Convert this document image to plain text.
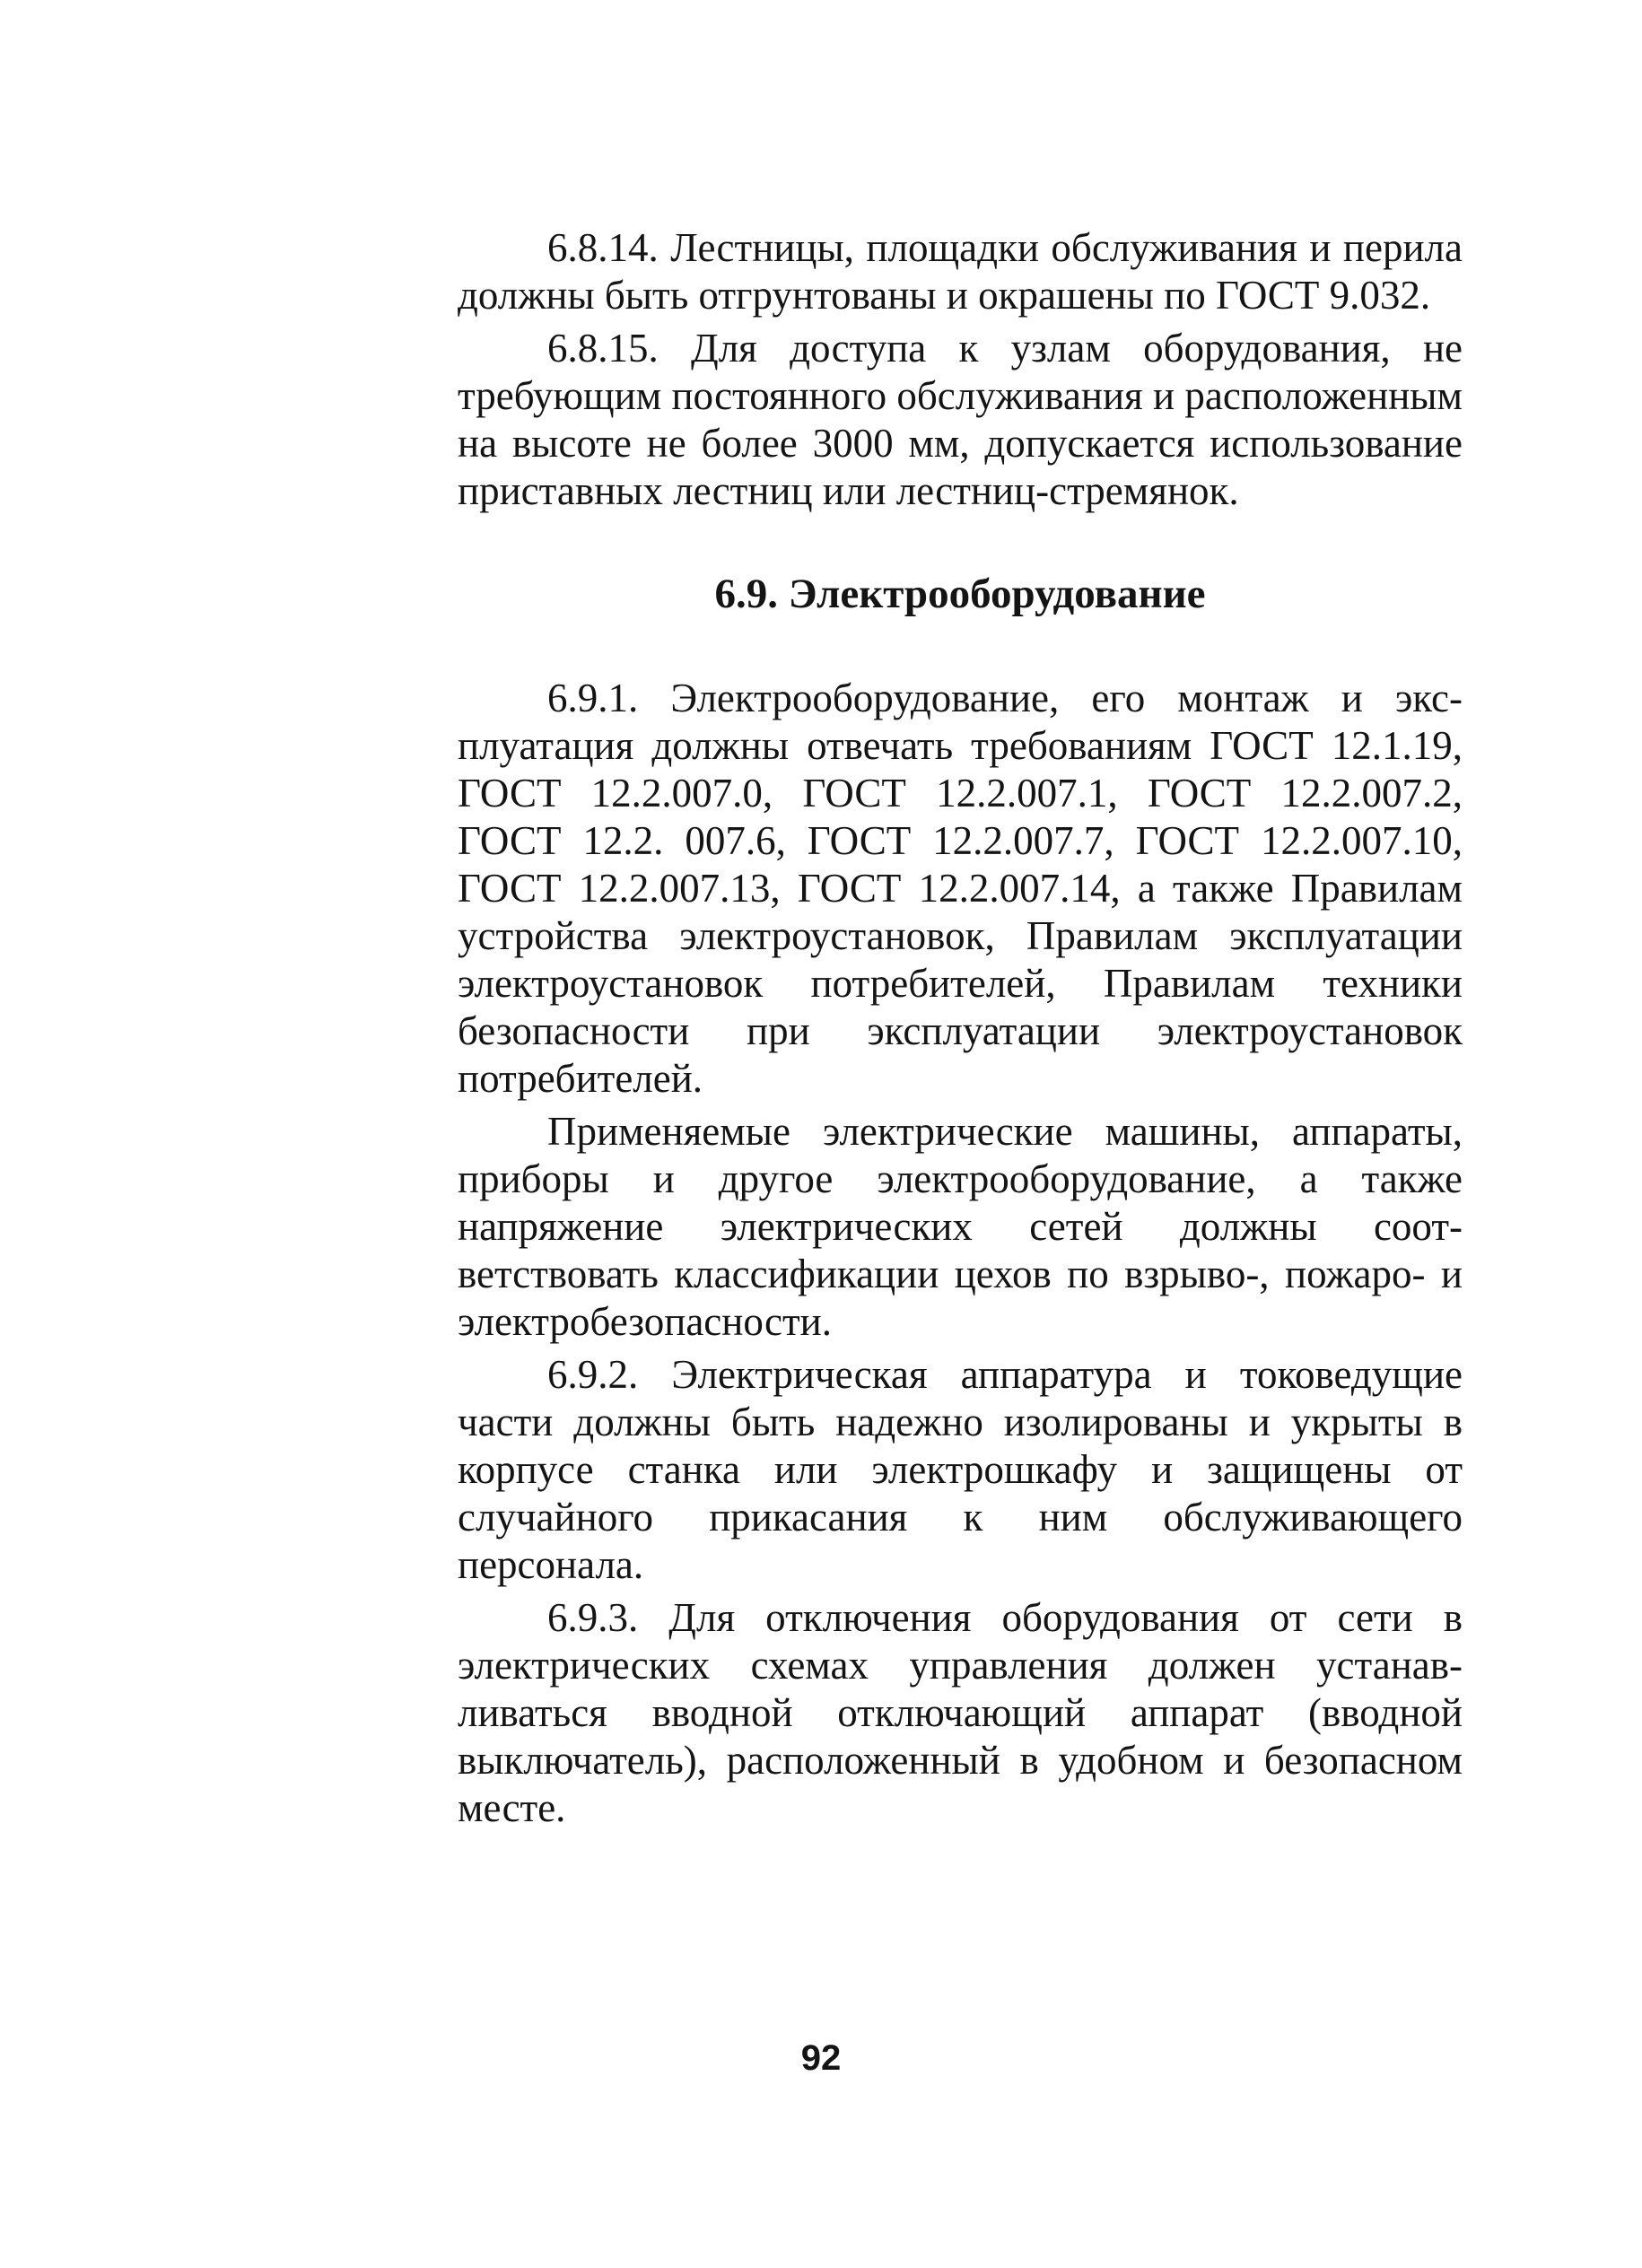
6.8.14. Лестницы, площадки обслуживания и перила должны быть отгрунтованы и окрашены по ГОСТ 9.032.

6.8.15. Для доступа к узлам оборудования, не требующим постоянного обслуживания и расположенным на высоте не более 3000 мм, допускается использование приставных лестниц или лестниц-стремянок.

6.9. Электрооборудование

6.9.1. Электрооборудование, его монтаж и эксплуатация должны отвечать требованиям ГОСТ 12.1.19, ГОСТ 12.2.007.0, ГОСТ 12.2.007.1, ГОСТ 12.2.007.2, ГОСТ 12.2. 007.6, ГОСТ 12.2.007.7, ГОСТ 12.2.007.10, ГОСТ 12.2.007.13, ГОСТ 12.2.007.14, а также Правилам устройства электроустановок, Правилам эксплуатации электроустановок потребителей, Правилам техники безопасности при эксплуатации электроустановок потребителей.

Применяемые электрические машины, аппараты, приборы и другое электрооборудование, а также напряжение электрических сетей должны соответствовать классификации цехов по взрыво-, пожаро- и электробезопасности.

6.9.2. Электрическая аппаратура и токоведущие части должны быть надежно изолированы и укрыты в корпусе станка или электрошкафу и защищены от случайного прикасания к ним обслуживающего персонала.

6.9.3. Для отключения оборудования от сети в электрических схемах управления должен устанавливаться вводной отключающий аппарат (вводной выключатель), расположенный в удобном и безопасном месте.

92
